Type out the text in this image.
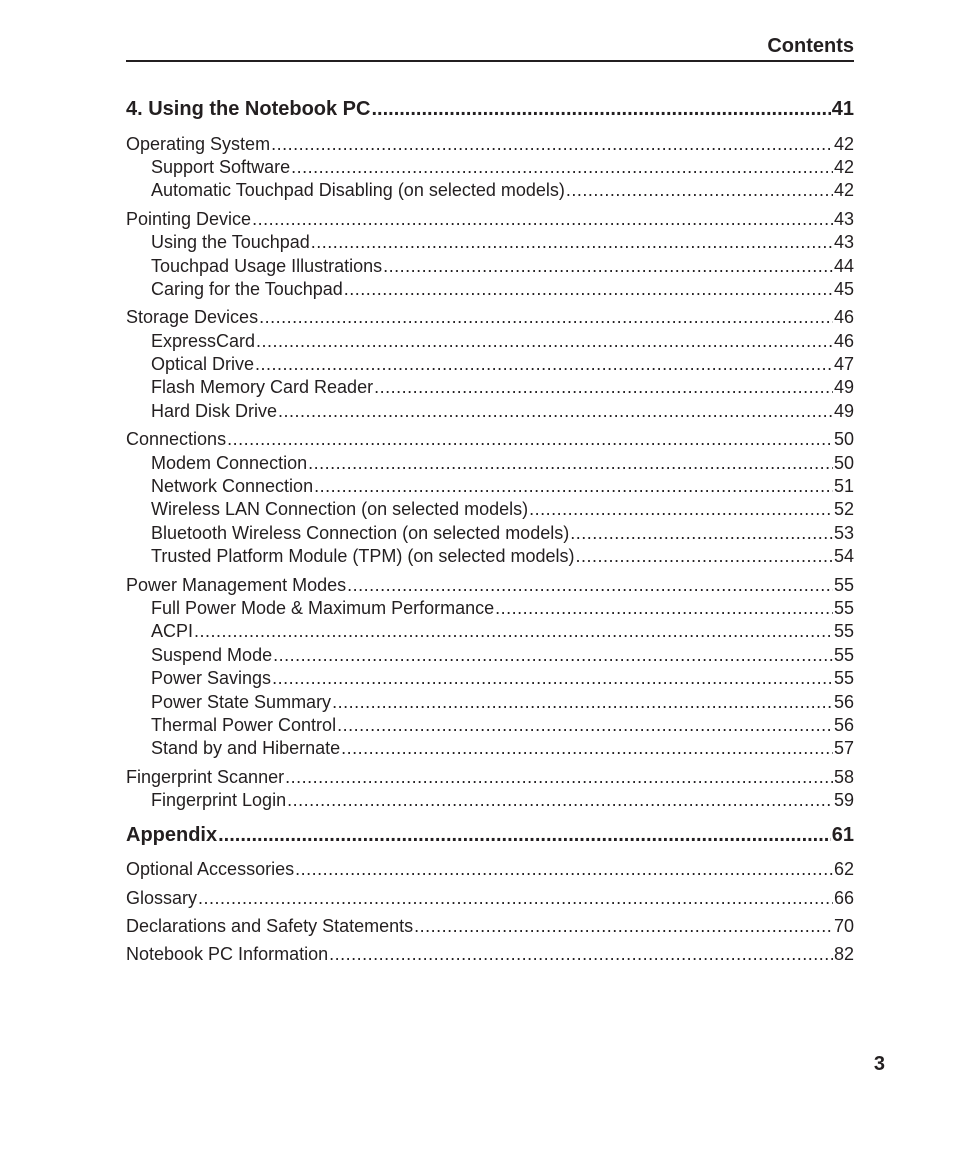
Contents
4. Using the Notebook PC .....	41
Operating System .....	42
Support Software .....	42
Automatic Touchpad Disabling (on selected models) .....	42
Pointing Device .....	43
Using the Touchpad .....	43
Touchpad Usage Illustrations .....	44
Caring for the Touchpad .....	45
Storage Devices .....	46
ExpressCard .....	46
Optical Drive .....	47
Flash Memory Card Reader .....	49
Hard Disk Drive .....	49
Connections .....	50
Modem Connection .....	50
Network Connection .....	51
Wireless LAN Connection (on selected models) .....	52
Bluetooth Wireless Connection (on selected models) .....	53
Trusted Platform Module (TPM) (on selected models) .....	54
Power Management Modes .....	55
Full Power Mode & Maximum Performance .....	55
ACPI .....	55
Suspend Mode .....	55
Power Savings .....	55
Power State Summary .....	56
Thermal Power Control .....	56
Stand by and Hibernate .....	57
Fingerprint Scanner .....	58
Fingerprint Login .....	59
Appendix .....	61
Optional Accessories .....	62
Glossary .....	66
Declarations and Safety Statements .....	70
Notebook PC Information .....	82
3
